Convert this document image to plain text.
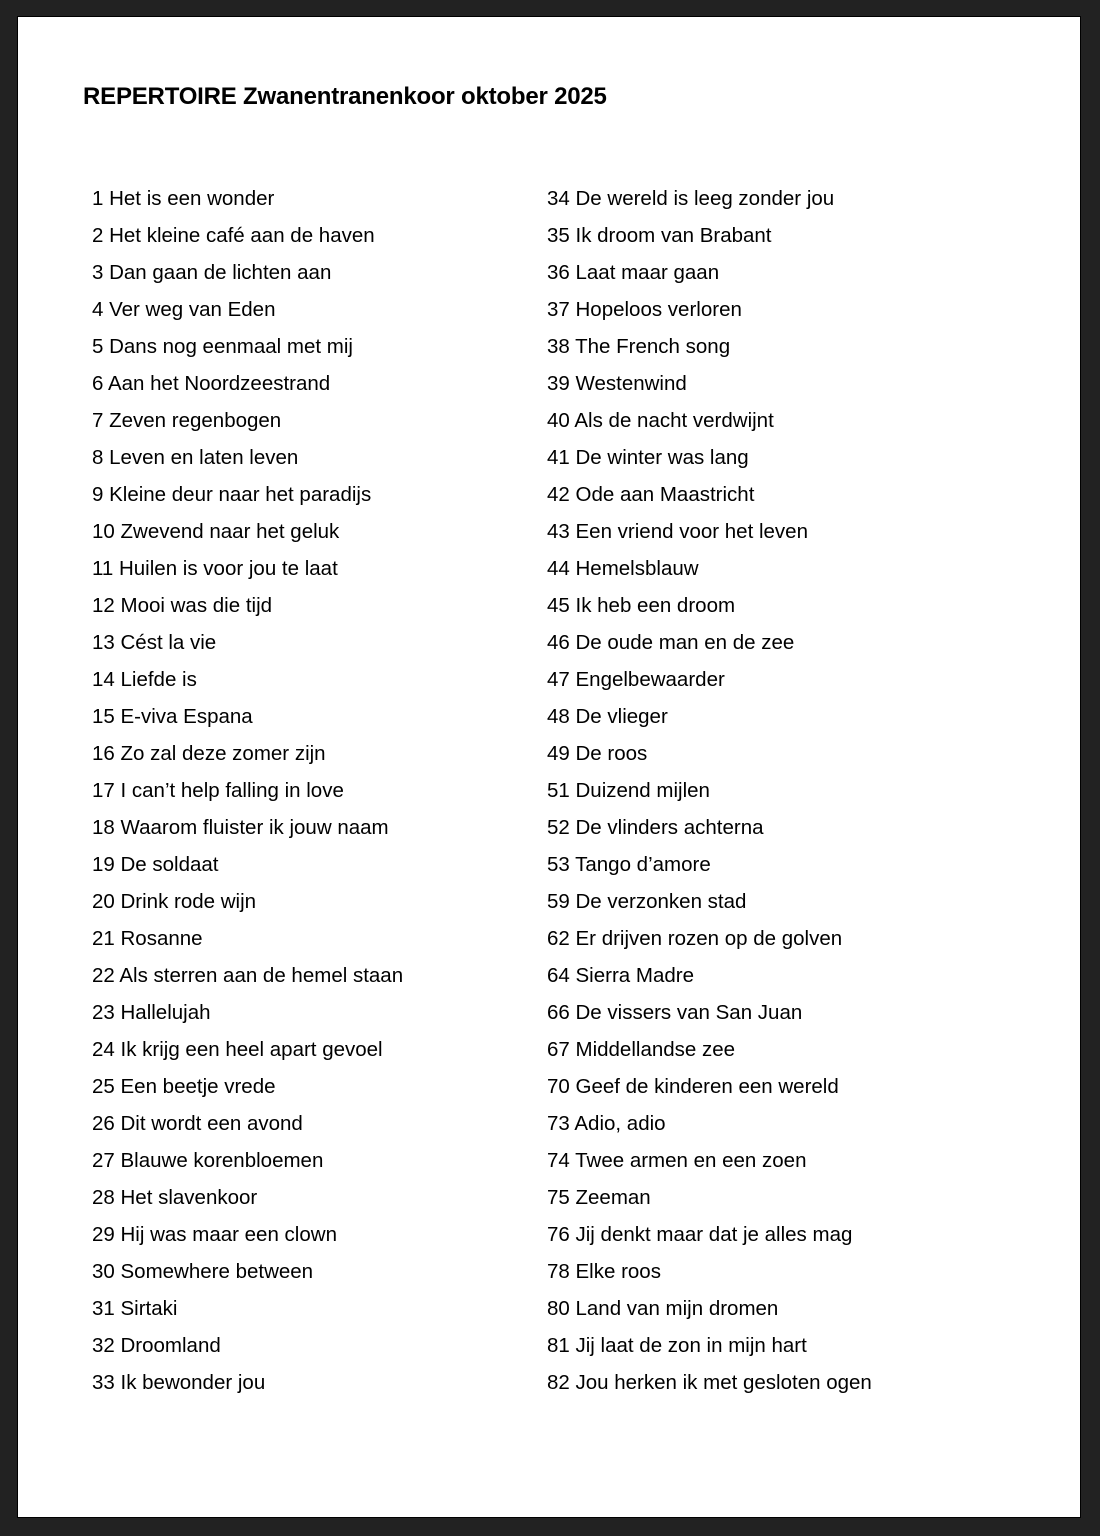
REPERTOIRE Zwanentranenkoor oktober 2025
1 Het is een wonder
2 Het kleine café aan de haven
3 Dan gaan de lichten aan
4 Ver weg van Eden
5 Dans nog eenmaal met mij
6 Aan het Noordzeestrand
7 Zeven regenbogen
8 Leven en laten leven
9 Kleine deur naar het paradijs
10 Zwevend naar het geluk
11 Huilen is voor jou te laat
12 Mooi was die tijd
13 Cést la vie
14 Liefde is
15 E-viva Espana
16 Zo zal deze zomer zijn
17 I can’t help falling in love
18 Waarom fluister ik jouw naam
19 De soldaat
20 Drink rode wijn
21 Rosanne
22 Als sterren aan de hemel staan
23 Hallelujah
24 Ik krijg een heel apart gevoel
25 Een beetje vrede
26 Dit wordt een avond
27 Blauwe korenbloemen
28 Het slavenkoor
29 Hij was maar een clown
30 Somewhere between
31 Sirtaki
32 Droomland
33 Ik bewonder jou
34 De wereld is leeg zonder jou
35 Ik droom van Brabant
36 Laat maar gaan
37 Hopeloos verloren
38 The French song
39 Westenwind
40 Als de nacht verdwijnt
41 De winter was lang
42 Ode aan Maastricht
43 Een vriend voor het leven
44 Hemelsblauw
45 Ik heb een droom
46 De oude man en de zee
47 Engelbewaarder
48 De vlieger
49 De roos
51 Duizend mijlen
52 De vlinders achterna
53 Tango d’amore
59 De verzonken stad
62 Er drijven rozen op de golven
64 Sierra Madre
66 De vissers van San Juan
67 Middellandse zee
70 Geef de kinderen een wereld
73 Adio, adio
74 Twee armen en een zoen
75 Zeeman
76 Jij denkt maar dat je alles mag
78 Elke roos
80 Land van mijn dromen
81 Jij laat de zon in mijn hart
82 Jou herken ik met gesloten ogen
